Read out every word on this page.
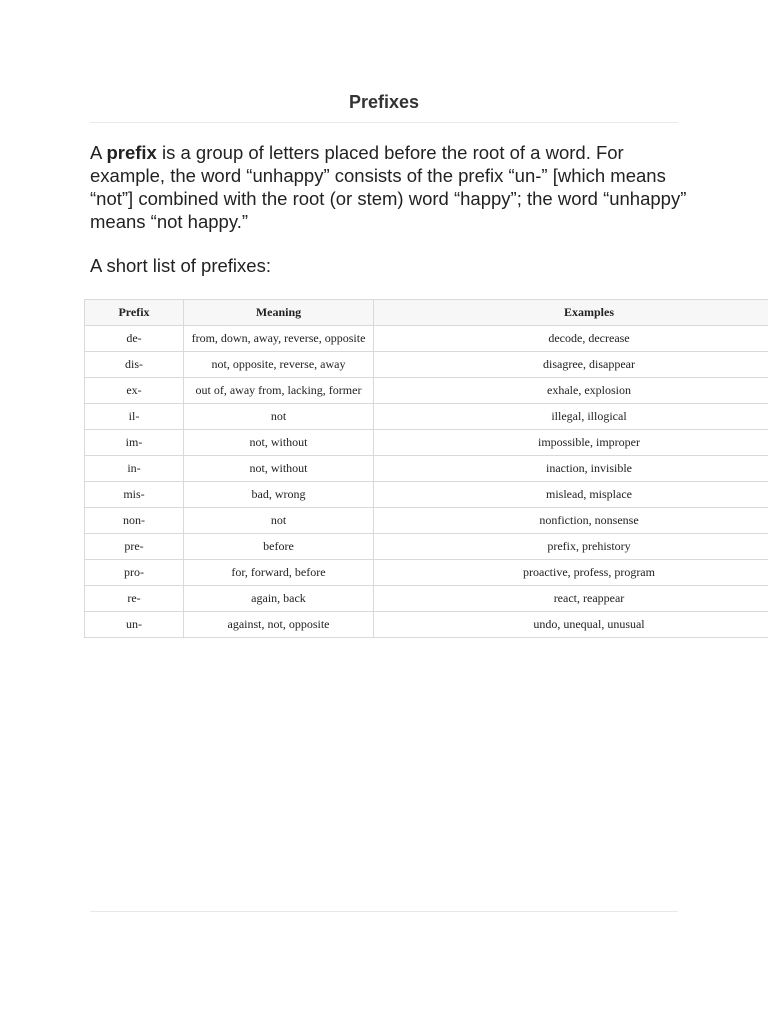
Prefixes

A prefix is a group of letters placed before the root of a word. For example, the word “unhappy” consists of the prefix “un-” [which means “not”] combined with the root (or stem) word “happy”; the word “unhappy” means “not happy.”

A short list of prefixes:

Prefix	Meaning	Examples
de-	from, down, away, reverse, opposite	decode, decrease
dis-	not, opposite, reverse, away	disagree, disappear
ex-	out of, away from, lacking, former	exhale, explosion
il-	not	illegal, illogical
im-	not, without	impossible, improper
in-	not, without	inaction, invisible
mis-	bad, wrong	mislead, misplace
non-	not	nonfiction, nonsense
pre-	before	prefix, prehistory
pro-	for, forward, before	proactive, profess, program
re-	again, back	react, reappear
un-	against, not, opposite	undo, unequal, unusual
